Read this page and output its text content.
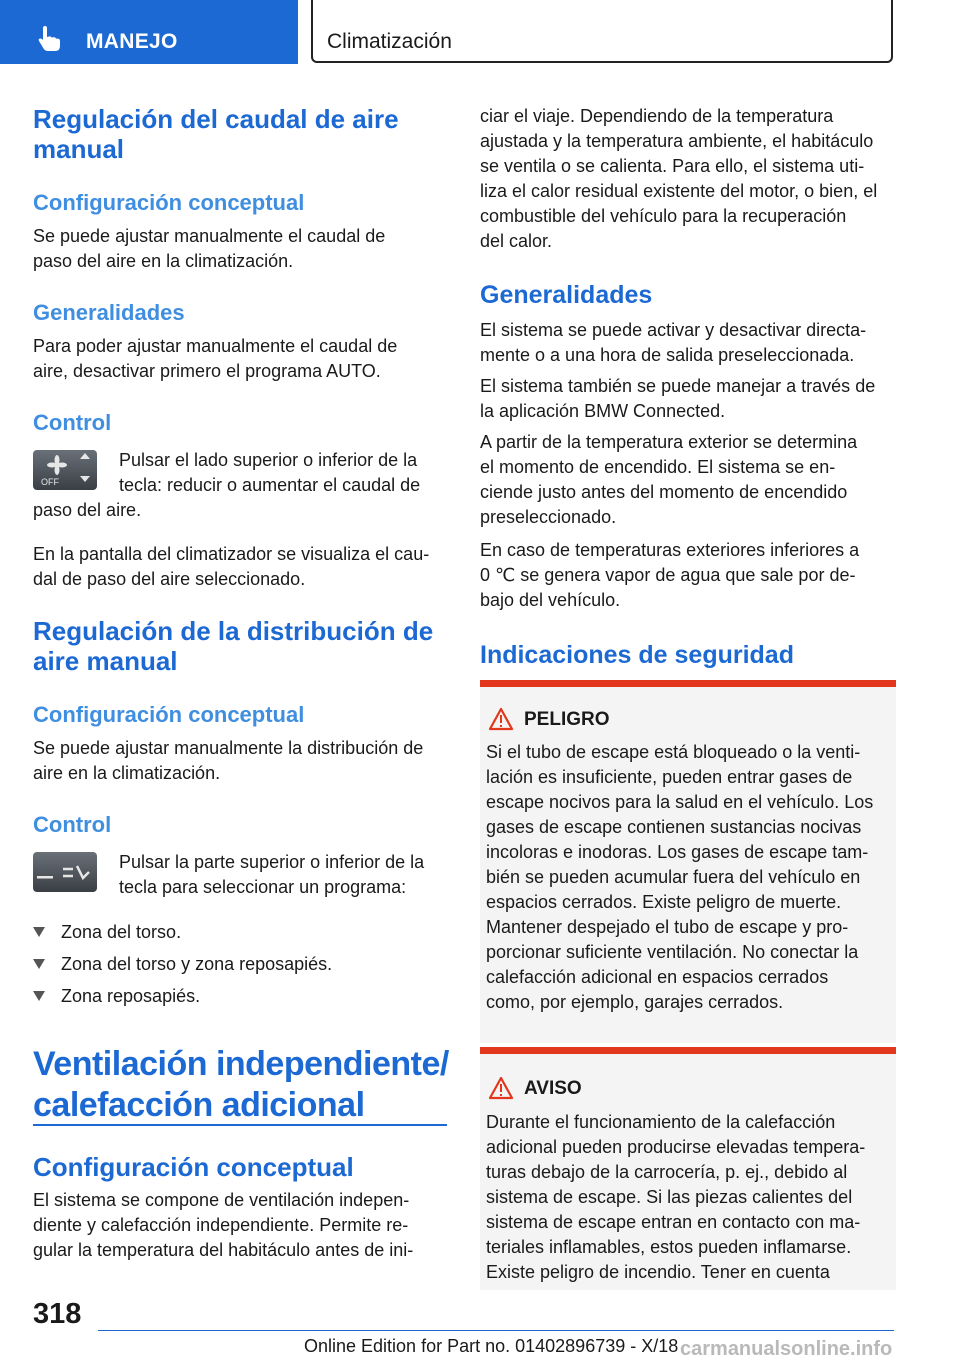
MANEJO	Climatización
Regulación del caudal de aire
manual
Configuración conceptual

Se puede ajustar manualmente el caudal de

paso del aire en la climatización.

Generalidades

Para poder ajustar manualmente el caudal de

aire, desactivar primero el programa AUTO.

Control
OFF

Pulsar el lado superior o inferior de la

tecla: reducir o aumentar el caudal de

paso del aire.

En la pantalla del climatizador se visualiza el cau‐

dal de paso del aire seleccionado.

Regulación de la distribución de
aire manual
Configuración conceptual

Se puede ajustar manualmente la distribución de

aire en la climatización.

Control

Pulsar la parte superior o inferior de la

tecla para seleccionar un programa:

Zona del torso.
Zona del torso y zona reposapiés.
Zona reposapiés.
Ventilación independiente/
calefacción adicional
Configuración conceptual

El sistema se compone de ventilación indepen‐

diente y calefacción independiente. Permite re‐

gular la temperatura del habitáculo antes de ini‐

ciar el viaje. Dependiendo de la temperatura

ajustada y la temperatura ambiente, el habitáculo

se ventila o se calienta. Para ello, el sistema uti‐

liza el calor residual existente del motor, o bien, el

combustible del vehículo para la recuperación

del calor.

Generalidades

El sistema se puede activar y desactivar directa‐

mente o a una hora de salida preseleccionada.

El sistema también se puede manejar a través de

la aplicación BMW Connected.

A partir de la temperatura exterior se determina

el momento de encendido. El sistema se en‐

ciende justo antes del momento de encendido

preseleccionado.

En caso de temperaturas exteriores inferiores a

0 ℃ se genera vapor de agua que sale por de‐

bajo del vehículo.

Indicaciones de seguridad
PELIGRO

Si el tubo de escape está bloqueado o la venti‐

lación es insuficiente, pueden entrar gases de

escape nocivos para la salud en el vehículo. Los

gases de escape contienen sustancias nocivas

incoloras e inodoras. Los gases de escape tam‐

bién se pueden acumular fuera del vehículo en

espacios cerrados. Existe peligro de muerte.

Mantener despejado el tubo de escape y pro‐

porcionar suficiente ventilación. No conectar la

calefacción adicional en espacios cerrados

como, por ejemplo, garajes cerrados.

AVISO

Durante el funcionamiento de la calefacción

adicional pueden producirse elevadas tempera‐

turas debajo de la carrocería, p. ej., debido al

sistema de escape. Si las piezas calientes del

sistema de escape entran en contacto con ma‐

teriales inflamables, estos pueden inflamarse.

Existe peligro de incendio. Tener en cuenta

318
Online Edition for Part no. 01402896739 - X/18 carmanualsonline.info
